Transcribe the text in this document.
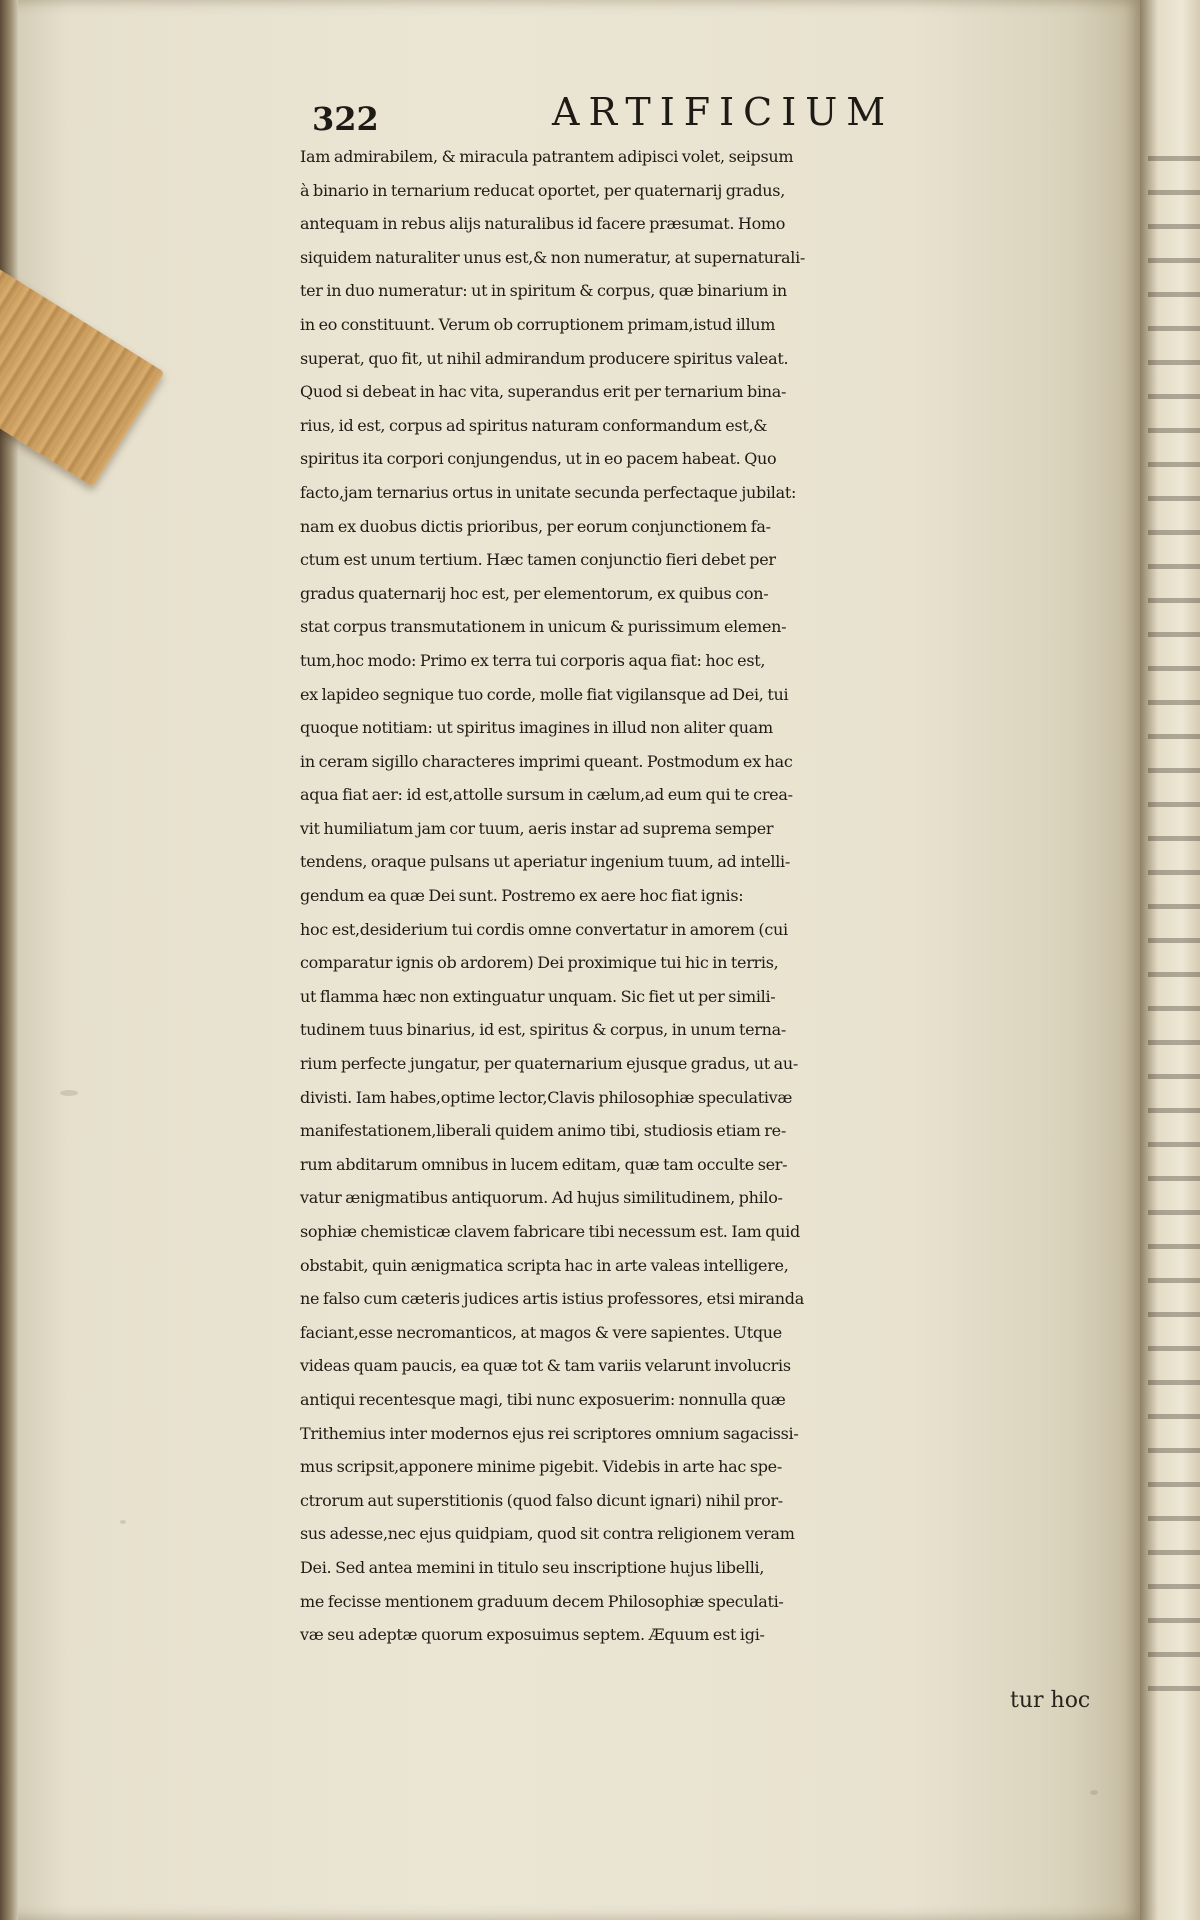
322	ARTIFICIUM
Iam admirabilem, & miracula patrantem adipisci volet, seipsum
à binario in ternarium reducat oportet, per quaternarij gradus,
antequam in rebus alijs naturalibus id facere præsumat. Homo
siquidem naturaliter unus est,& non numeratur, at supernaturali-
ter in duo numeratur: ut in spiritum & corpus, quæ binarium in
in eo constituunt. Verum ob corruptionem primam,istud illum
superat, quo fit, ut nihil admirandum producere spiritus valeat.
Quod si debeat in hac vita, superandus erit per ternarium bina-
rius, id est, corpus ad spiritus naturam conformandum est,&
spiritus ita corpori conjungendus, ut in eo pacem habeat. Quo
facto,jam ternarius ortus in unitate secunda perfectaque jubilat:
nam ex duobus dictis prioribus, per eorum conjunctionem fa-
ctum est unum tertium. Hæc tamen conjunctio fieri debet per
gradus quaternarij hoc est, per elementorum, ex quibus con-
stat corpus transmutationem in unicum & purissimum elemen-
tum,hoc modo: Primo ex terra tui corporis aqua fiat: hoc est,
ex lapideo segnique tuo corde, molle fiat vigilansque ad Dei, tui
quoque notitiam: ut spiritus imagines in illud non aliter quam
in ceram sigillo characteres imprimi queant. Postmodum ex hac
aqua fiat aer: id est,attolle sursum in cælum,ad eum qui te crea-
vit humiliatum jam cor tuum, aeris instar ad suprema semper
tendens, oraque pulsans ut aperiatur ingenium tuum, ad intelli-
gendum ea quæ Dei sunt. Postremo ex aere hoc fiat ignis:
hoc est,desiderium tui cordis omne convertatur in amorem (cui
comparatur ignis ob ardorem) Dei proximique tui hic in terris,
ut flamma hæc non extinguatur unquam. Sic fiet ut per simili-
tudinem tuus binarius, id est, spiritus & corpus, in unum terna-
rium perfecte jungatur, per quaternarium ejusque gradus, ut au-
divisti. Iam habes,optime lector,Clavis philosophiæ speculativæ
manifestationem,liberali quidem animo tibi, studiosis etiam re-
rum abditarum omnibus in lucem editam, quæ tam occulte ser-
vatur ænigmatibus antiquorum. Ad hujus similitudinem, philo-
sophiæ chemisticæ clavem fabricare tibi necessum est. Iam quid
obstabit, quin ænigmatica scripta hac in arte valeas intelligere,
ne falso cum cæteris judices artis istius professores, etsi miranda
faciant,esse necromanticos, at magos & vere sapientes. Utque
videas quam paucis, ea quæ tot & tam variis velarunt involucris
antiqui recentesque magi, tibi nunc exposuerim: nonnulla quæ
Trithemius inter modernos ejus rei scriptores omnium sagacissi-
mus scripsit,apponere minime pigebit. Videbis in arte hac spe-
ctrorum aut superstitionis (quod falso dicunt ignari) nihil pror-
sus adesse,nec ejus quidpiam, quod sit contra religionem veram
Dei. Sed antea memini in titulo seu inscriptione hujus libelli,
me fecisse mentionem graduum decem Philosophiæ speculati-
væ seu adeptæ quorum exposuimus septem. Æquum est igi-
tur hoc
